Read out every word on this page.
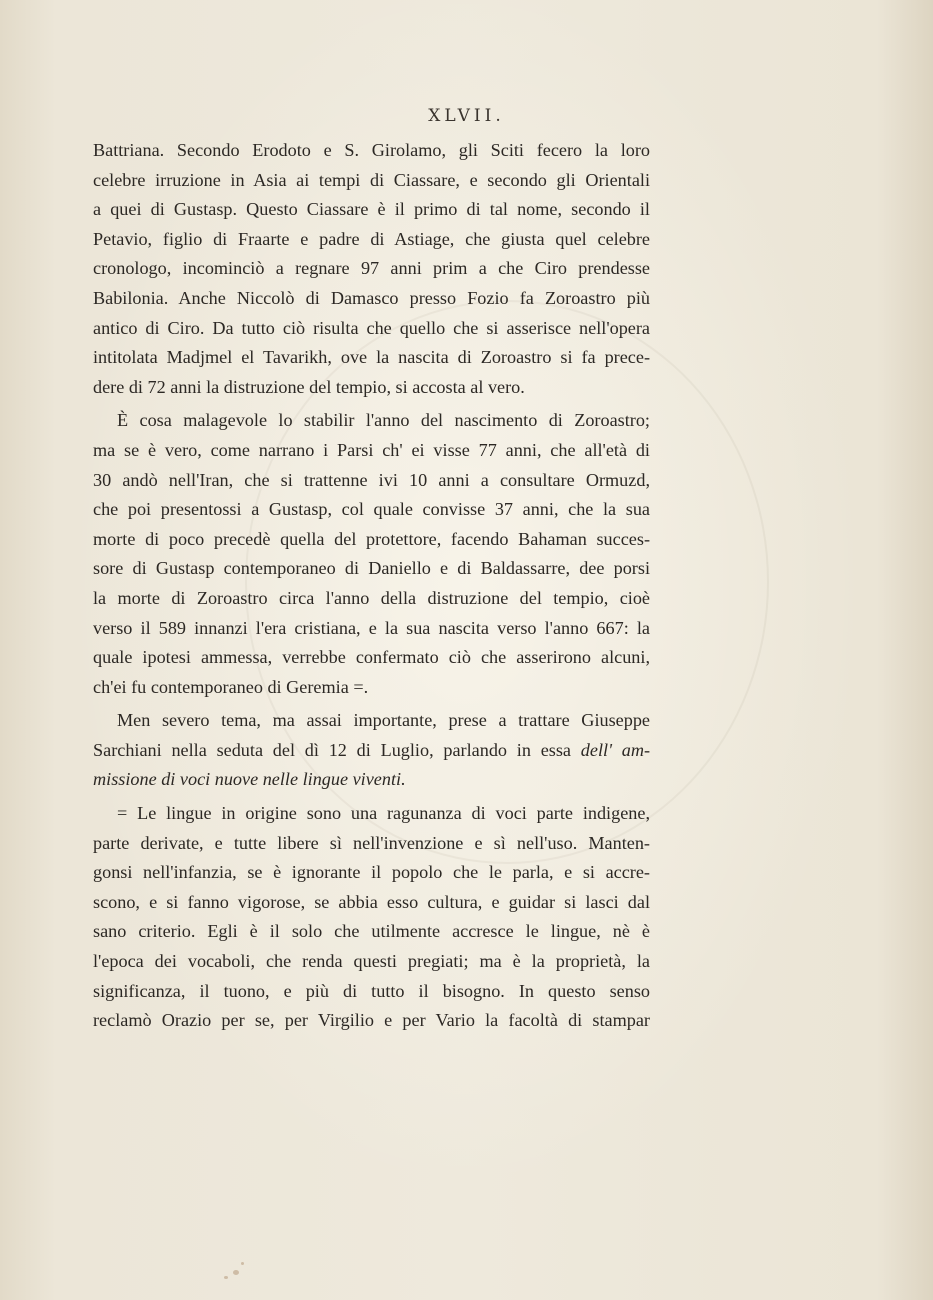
XLVII.

Battriana. Secondo Erodoto e S. Girolamo, gli Sciti fecero la loro
celebre irruzione in Asia ai tempi di Ciassare, e secondo gli Orientali
a quei di Gustasp. Questo Ciassare è il primo di tal nome, secondo il
Petavio, figlio di Fraarte e padre di Astiage, che giusta quel celebre
cronologo, incominciò a regnare 97 anni prim a che Ciro prendesse
Babilonia. Anche Niccolò di Damasco presso Fozio fa Zoroastro più
antico di Ciro. Da tutto ciò risulta che quello che si asserisce nell'opera
intitolata Madjmel el Tavarikh, ove la nascita di Zoroastro si fa prece-
dere di 72 anni la distruzione del tempio, si accosta al vero.

È cosa malagevole lo stabilir l'anno del nascimento di Zoroastro;
ma se è vero, come narrano i Parsi ch' ei visse 77 anni, che all'età di
30 andò nell'Iran, che si trattenne ivi 10 anni a consultare Ormuzd,
che poi presentossi a Gustasp, col quale convisse 37 anni, che la sua
morte di poco precedè quella del protettore, facendo Bahaman succes-
sore di Gustasp contemporaneo di Daniello e di Baldassarre, dee porsi
la morte di Zoroastro circa l'anno della distruzione del tempio, cioè
verso il 589 innanzi l'era cristiana, e la sua nascita verso l'anno 667: la
quale ipotesi ammessa, verrebbe confermato ciò che asserirono alcuni,
ch'ei fu contemporaneo di Geremia =.

Men severo tema, ma assai importante, prese a trattare Giuseppe
Sarchiani nella seduta del dì 12 di Luglio, parlando in essa dell' am-
missione di voci nuove nelle lingue viventi.

= Le lingue in origine sono una ragunanza di voci parte indigene,
parte derivate, e tutte libere sì nell'invenzione e sì nell'uso. Manten-
gonsi nell'infanzia, se è ignorante il popolo che le parla, e si accre-
scono, e si fanno vigorose, se abbia esso cultura, e guidar si lasci dal
sano criterio. Egli è il solo che utilmente accresce le lingue, nè è
l'epoca dei vocaboli, che renda questi pregiati; ma è la proprietà, la
significanza, il tuono, e più di tutto il bisogno. In questo senso
reclamò Orazio per se, per Virgilio e per Vario la facoltà di stampar
